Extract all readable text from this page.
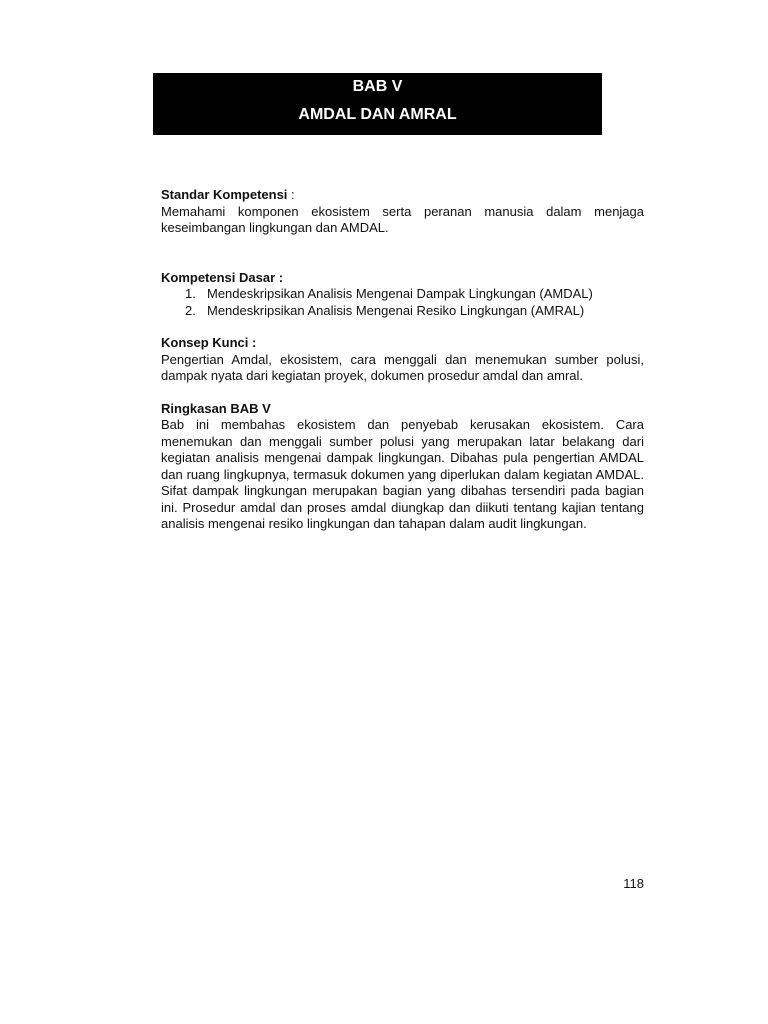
BAB V
AMDAL DAN AMRAL

Standar Kompetensi :

Memahami komponen ekosistem serta peranan manusia dalam menjaga keseimbangan lingkungan dan AMDAL.

Kompetensi Dasar :

1. Mendeskripsikan Analisis Mengenai Dampak Lingkungan (AMDAL)
2. Mendeskripsikan Analisis Mengenai Resiko Lingkungan (AMRAL)

Konsep Kunci :

Pengertian Amdal, ekosistem, cara menggali dan menemukan sumber polusi, dampak nyata dari kegiatan proyek, dokumen prosedur amdal dan amral.

Ringkasan BAB V

Bab ini membahas ekosistem dan penyebab kerusakan ekosistem. Cara menemukan dan menggali sumber polusi yang merupakan latar belakang dari kegiatan analisis mengenai dampak lingkungan. Dibahas pula pengertian AMDAL dan ruang lingkupnya, termasuk dokumen yang diperlukan dalam kegiatan AMDAL. Sifat dampak lingkungan merupakan bagian yang dibahas tersendiri pada bagian ini. Prosedur amdal dan proses amdal diungkap dan diikuti tentang kajian tentang analisis mengenai resiko lingkungan dan tahapan dalam audit lingkungan.

118
